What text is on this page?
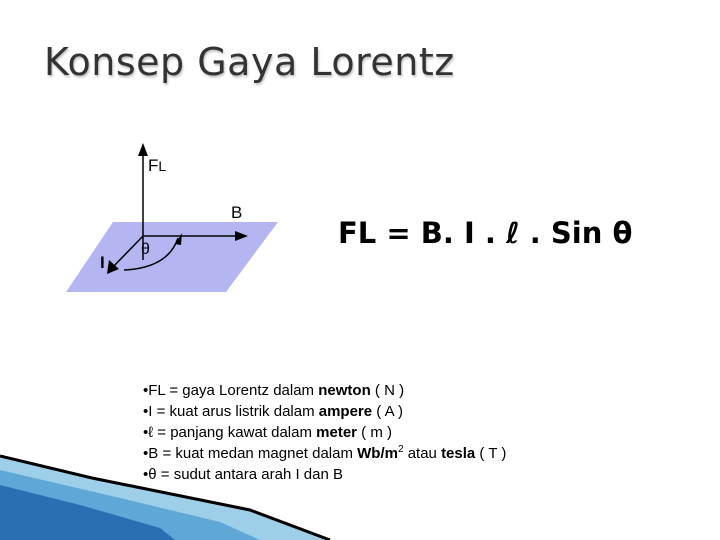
Konsep Gaya Lorentz
FL
B
I
θ	FL = B. I . ℓ . Sin θ
•FL = gaya Lorentz dalam newton ( N )
•I = kuat arus listrik dalam ampere ( A )
•ℓ = panjang kawat dalam meter ( m )
•B = kuat medan magnet dalam $Wb/m^2$ atau tesla ( T )
•θ = sudut antara arah I dan B
